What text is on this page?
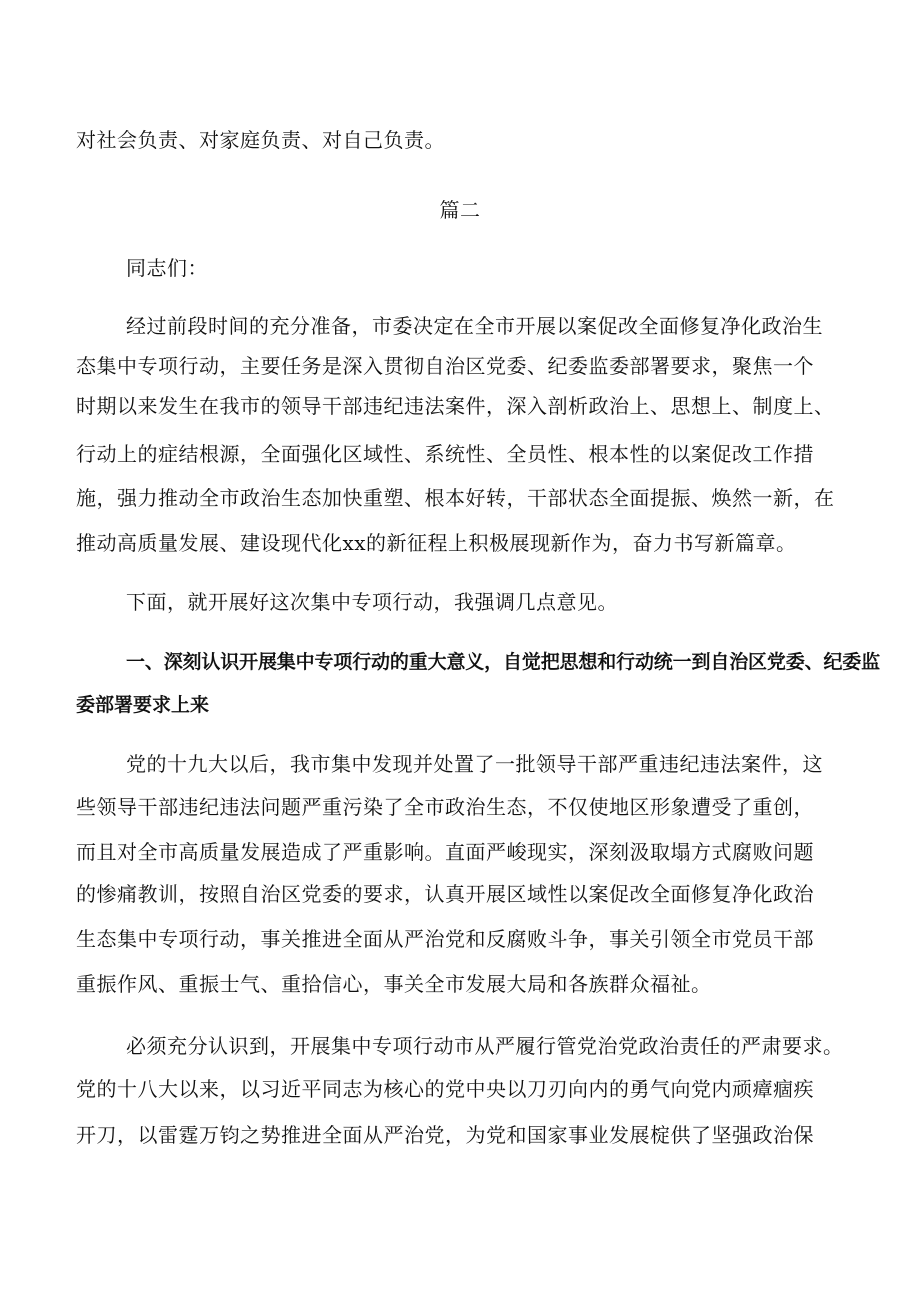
对社会负责、对家庭负责、对自己负责。
篇二
同志们：
经过前段时间的充分准备，市委决定在全市开展以案促改全面修复净化政治生
态集中专项行动，主要任务是深入贯彻自治区党委、纪委监委部署要求，聚焦一个
时期以来发生在我市的领导干部违纪违法案件，深入剖析政治上、思想上、制度上、
行动上的症结根源，全面强化区域性、系统性、全员性、根本性的以案促改工作措
施，强力推动全市政治生态加快重塑、根本好转，干部状态全面提振、焕然一新，在
推动高质量发展、建设现代化xx的新征程上积极展现新作为，奋力书写新篇章。
下面，就开展好这次集中专项行动，我强调几点意见。
一、深刻认识开展集中专项行动的重大意义，自觉把思想和行动统一到自治区党委、纪委监
委部署要求上来
党的十九大以后，我市集中发现并处置了一批领导干部严重违纪违法案件，这
些领导干部违纪违法问题严重污染了全市政治生态，不仅使地区形象遭受了重创，
而且对全市高质量发展造成了严重影响。直面严峻现实，深刻汲取塌方式腐败问题
的惨痛教训，按照自治区党委的要求，认真开展区域性以案促改全面修复净化政治
生态集中专项行动，事关推进全面从严治党和反腐败斗争，事关引领全市党员干部
重振作风、重振士气、重拾信心，事关全市发展大局和各族群众福祉。
必须充分认识到，开展集中专项行动市从严履行管党治党政治责任的严肃要求。
党的十八大以来，以习近平同志为核心的党中央以刀刃向内的勇气向党内顽瘴痼疾
开刀，以雷霆万钧之势推进全面从严治党，为党和国家事业发展椗供了坚强政治保
